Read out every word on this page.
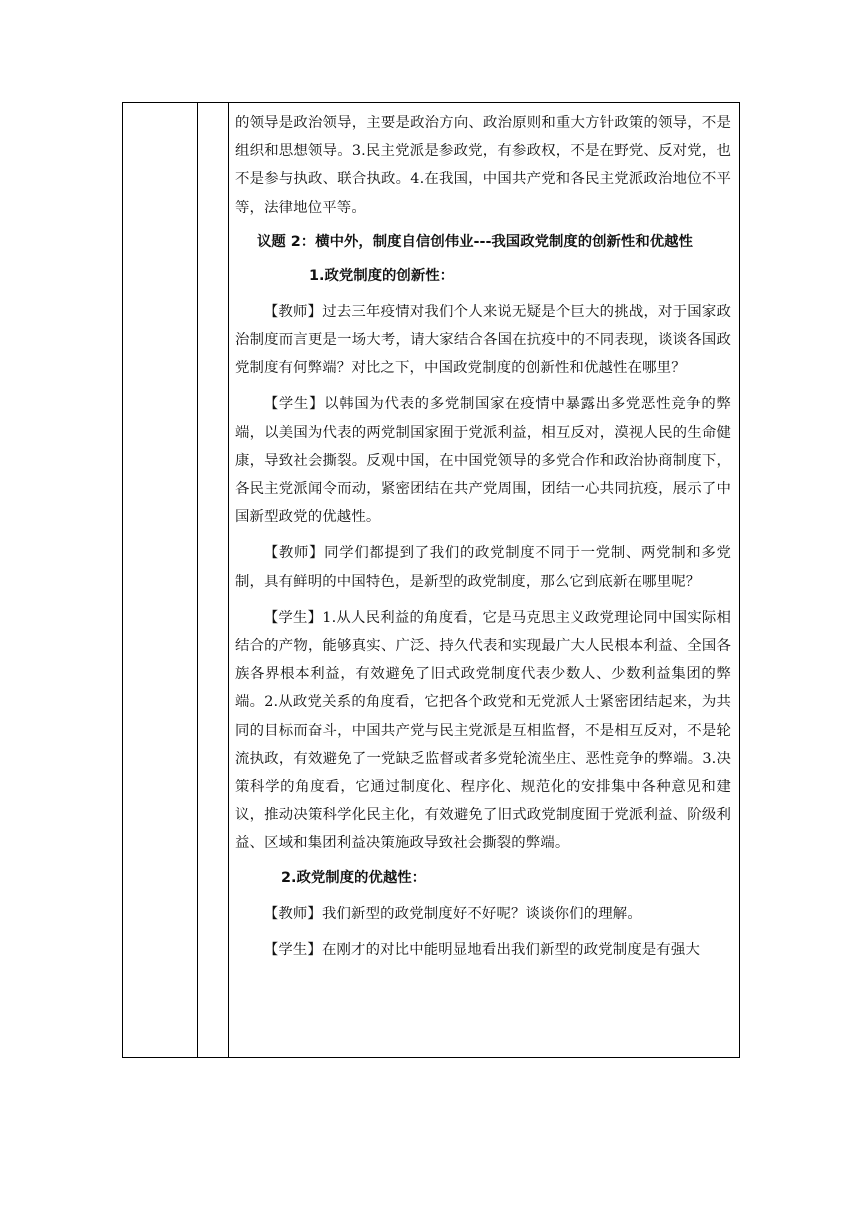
的领导是政治领导，主要是政治方向、政治原则和重大方针政策的领导，不是组织和思想领导。3.民主党派是参政党，有参政权，不是在野党、反对党，也不是参与执政、联合执政。4.在我国，中国共产党和各民主党派政治地位不平等，法律地位平等。

议题 2：横中外，制度自信创伟业---我国政党制度的创新性和优越性
1.政党制度的创新性：

【教师】过去三年疫情对我们个人来说无疑是个巨大的挑战，对于国家政治制度而言更是一场大考，请大家结合各国在抗疫中的不同表现，谈谈各国政党制度有何弊端？对比之下，中国政党制度的创新性和优越性在哪里？

【学生】以韩国为代表的多党制国家在疫情中暴露出多党恶性竞争的弊端，以美国为代表的两党制国家囿于党派利益，相互反对，漠视人民的生命健康，导致社会撕裂。反观中国，在中国党领导的多党合作和政治协商制度下，各民主党派闻令而动，紧密团结在共产党周围，团结一心共同抗疫，展示了中国新型政党的优越性。

【教师】同学们都提到了我们的政党制度不同于一党制、两党制和多党制，具有鲜明的中国特色，是新型的政党制度，那么它到底新在哪里呢？

【学生】1.从人民利益的角度看，它是马克思主义政党理论同中国实际相结合的产物，能够真实、广泛、持久代表和实现最广大人民根本利益、全国各族各界根本利益，有效避免了旧式政党制度代表少数人、少数利益集团的弊端。2.从政党关系的角度看，它把各个政党和无党派人士紧密团结起来，为共同的目标而奋斗，中国共产党与民主党派是互相监督，不是相互反对，不是轮流执政，有效避免了一党缺乏监督或者多党轮流坐庄、恶性竞争的弊端。3.决策科学的角度看，它通过制度化、程序化、规范化的安排集中各种意见和建议，推动决策科学化民主化，有效避免了旧式政党制度囿于党派利益、阶级利益、区域和集团利益决策施政导致社会撕裂的弊端。

2.政党制度的优越性：

【教师】我们新型的政党制度好不好呢？谈谈你们的理解。

【学生】在刚才的对比中能明显地看出我们新型的政党制度是有强大
